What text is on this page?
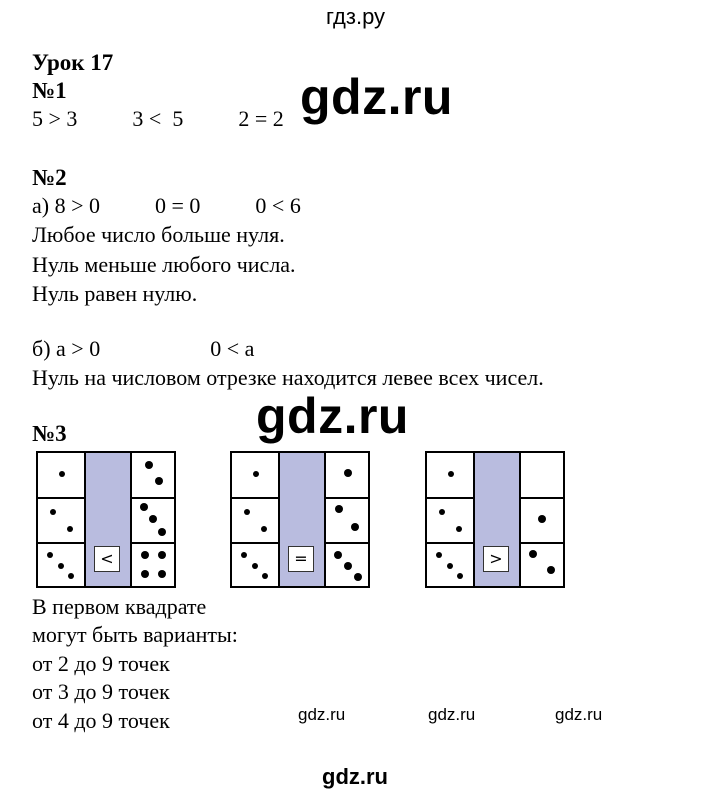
гдз.ру
gdz.ru
gdz.ru
gdz.ru	gdz.ru	gdz.ru
gdz.ru
Урок 17
№1
5 > 3          3 <  5          2 = 2
№2
а) 8 > 0          0 = 0          0 < 6
Любое число больше нуля.
Нуль меньше любого числа.
Нуль равен нулю.
б) а > 0                    0 < а
Нуль на числовом отрезке находится левее всех чисел.
№3
<	=	>
В первом квадрате
могут быть варианты:
от 2 до 9 точек
от 3 до 9 точек
от 4 до 9 точек
